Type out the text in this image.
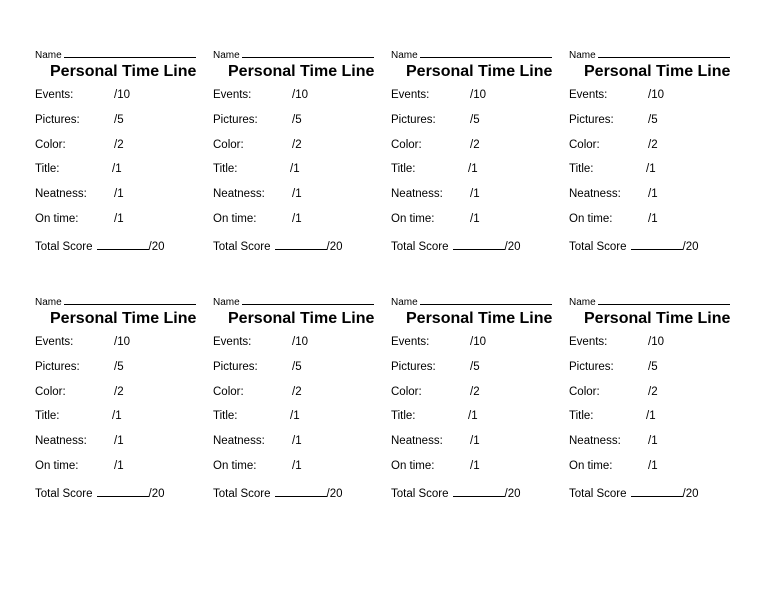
Name
Personal Time Line
Events:	/10
Pictures:	/5
Color:	/2
Title:	/1
Neatness: /1
On time:	/1
Total Score	/20
Name
Personal Time Line
Events:	/10
Pictures:	/5
Color:	/2
Title:	/1
Neatness: /1
On time:	/1
Total Score	/20
Name
Personal Time Line
Events:	/10
Pictures:	/5
Color:	/2
Title:	/1
Neatness: /1
On time:	/1
Total Score	/20
Name
Personal Time Line
Events:	/10
Pictures:	/5
Color:	/2
Title:	/1
Neatness: /1
On time:	/1
Total Score	/20
Name
Personal Time Line
Events:	/10
Pictures:	/5
Color:	/2
Title:	/1
Neatness: /1
On time:	/1
Total Score	/20
Name
Personal Time Line
Events:	/10
Pictures:	/5
Color:	/2
Title:	/1
Neatness: /1
On time:	/1
Total Score	/20
Name
Personal Time Line
Events:	/10
Pictures:	/5
Color:	/2
Title:	/1
Neatness: /1
On time:	/1
Total Score	/20
Name
Personal Time Line
Events:	/10
Pictures:	/5
Color:	/2
Title:	/1
Neatness: /1
On time:	/1
Total Score	/20
